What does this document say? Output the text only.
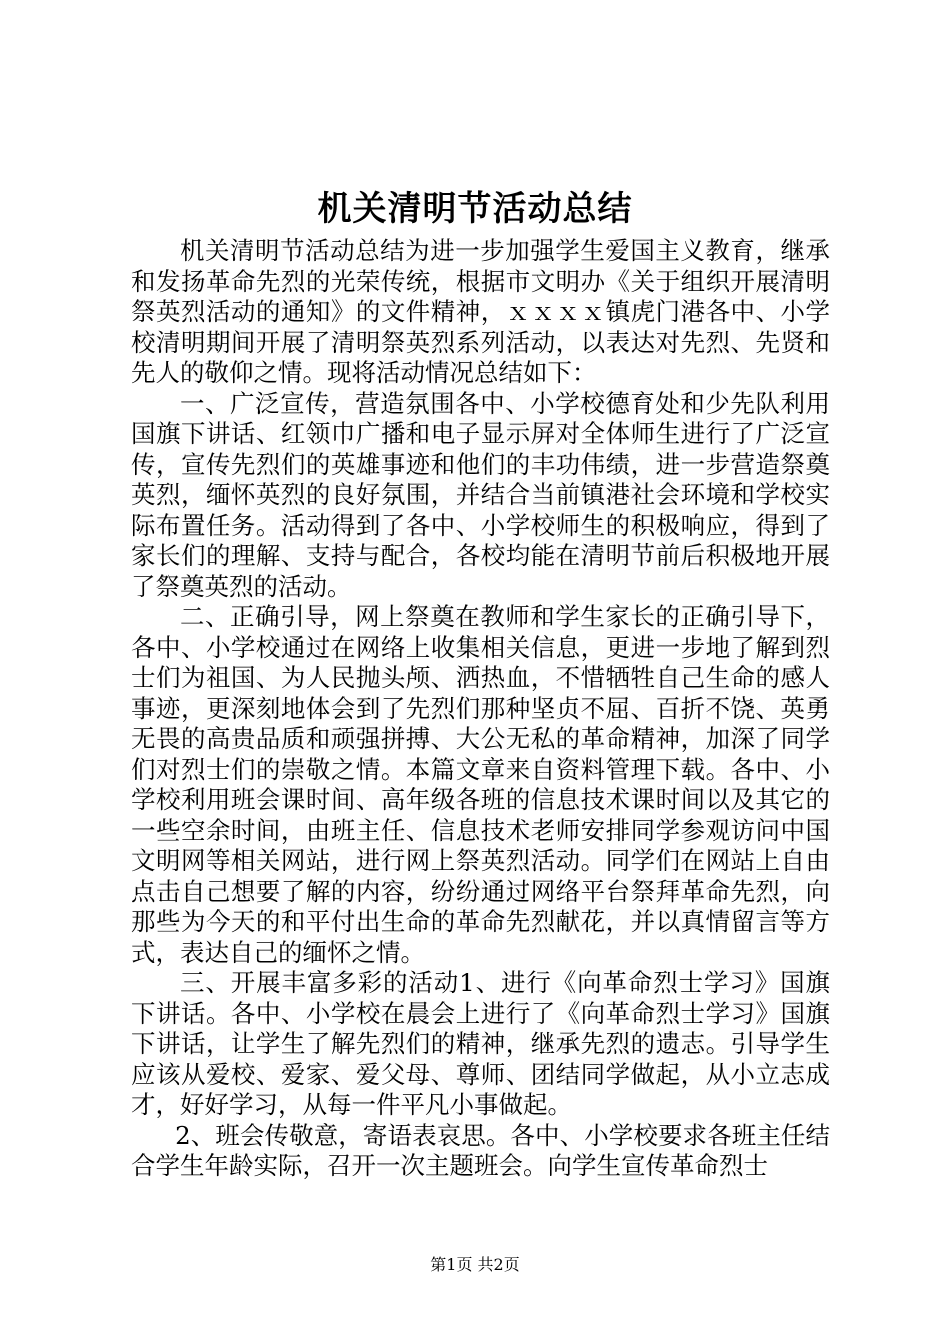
机关清明节活动总结

机关清明节活动总结为进一步加强学生爱国主义教育，继承和发扬革命先烈的光荣传统，根据市文明办《关于组织开展清明祭英烈活动的通知》的文件精神，ｘｘｘｘ镇虎门港各中、小学校清明期间开展了清明祭英烈系列活动，以表达对先烈、先贤和先人的敬仰之情。现将活动情况总结如下：

一、广泛宣传，营造氛围各中、小学校德育处和少先队利用国旗下讲话、红领巾广播和电子显示屏对全体师生进行了广泛宣传，宣传先烈们的英雄事迹和他们的丰功伟绩，进一步营造祭奠英烈，缅怀英烈的良好氛围，并结合当前镇港社会环境和学校实际布置任务。活动得到了各中、小学校师生的积极响应，得到了家长们的理解、支持与配合，各校均能在清明节前后积极地开展了祭奠英烈的活动。

二、正确引导，网上祭奠在教师和学生家长的正确引导下，各中、小学校通过在网络上收集相关信息，更进一步地了解到烈士们为祖国、为人民抛头颅、洒热血，不惜牺牲自己生命的感人事迹，更深刻地体会到了先烈们那种坚贞不屈、百折不饶、英勇无畏的高贵品质和顽强拼搏、大公无私的革命精神，加深了同学们对烈士们的崇敬之情。本篇文章来自资料管理下载。各中、小学校利用班会课时间、高年级各班的信息技术课时间以及其它的一些空余时间，由班主任、信息技术老师安排同学参观访问中国文明网等相关网站，进行网上祭英烈活动。同学们在网站上自由点击自己想要了解的内容，纷纷通过网络平台祭拜革命先烈，向那些为今天的和平付出生命的革命先烈献花，并以真情留言等方式，表达自己的缅怀之情。

三、开展丰富多彩的活动1、进行《向革命烈士学习》国旗下讲话。各中、小学校在晨会上进行了《向革命烈士学习》国旗下讲话，让学生了解先烈们的精神，继承先烈的遗志。引导学生应该从爱校、爱家、爱父母、尊师、团结同学做起，从小立志成才，好好学习，从每一件平凡小事做起。

2、班会传敬意，寄语表哀思。各中、小学校要求各班主任结合学生年龄实际，召开一次主题班会。向学生宣传革命烈士

第1页 共2页
